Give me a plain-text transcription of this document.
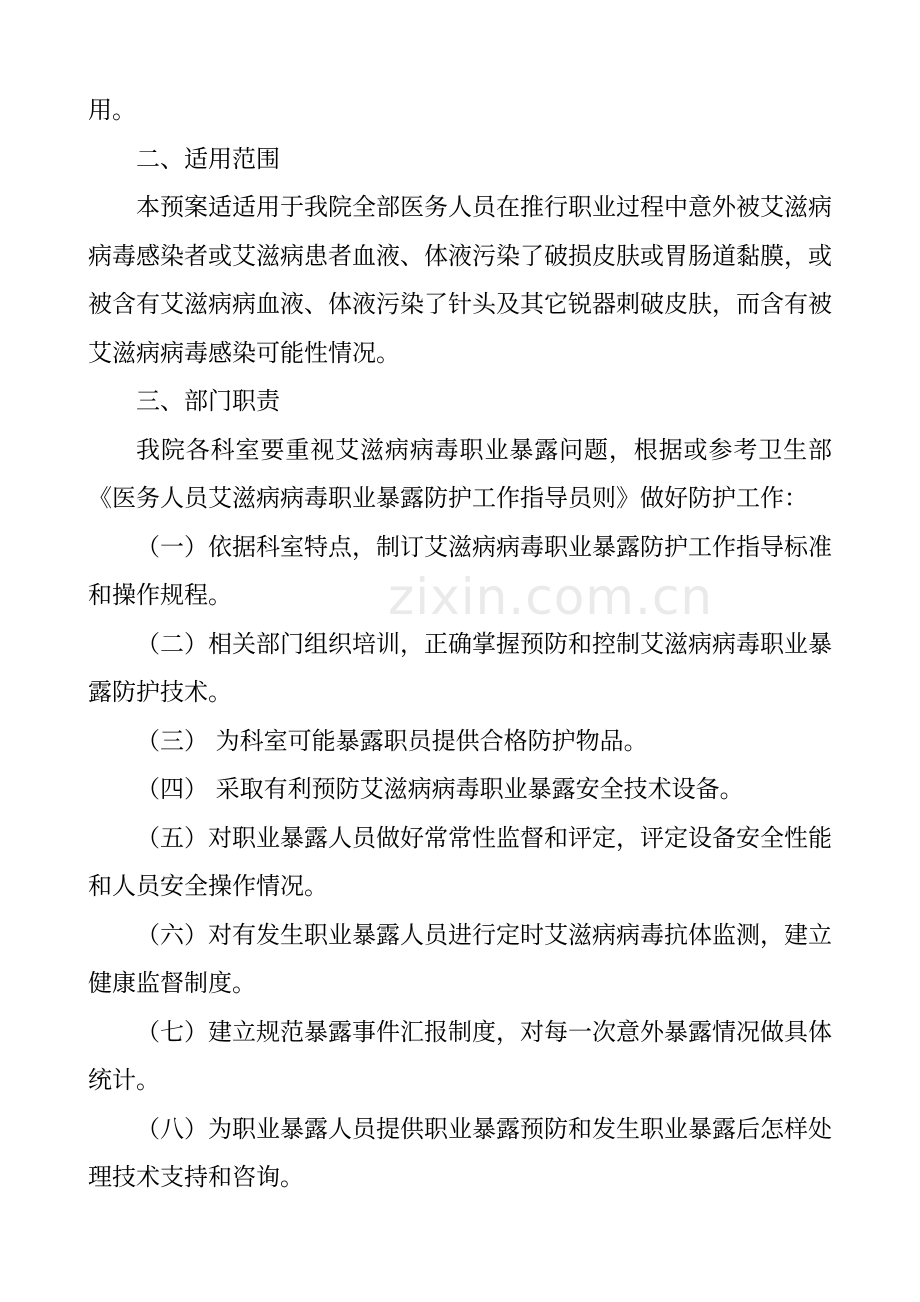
用。

二、适用范围

本预案适适用于我院全部医务人员在推行职业过程中意外被艾滋病病毒感染者或艾滋病患者血液、体液污染了破损皮肤或胃肠道黏膜，或被含有艾滋病病血液、体液污染了针头及其它锐器刺破皮肤，而含有被艾滋病病毒感染可能性情况。

三、部门职责

我院各科室要重视艾滋病病毒职业暴露问题，根据或参考卫生部《医务人员艾滋病病毒职业暴露防护工作指导员则》做好防护工作：

（一）依据科室特点，制订艾滋病病毒职业暴露防护工作指导标准和操作规程。

（二）相关部门组织培训，正确掌握预防和控制艾滋病病毒职业暴露防护技术。

（三） 为科室可能暴露职员提供合格防护物品。

（四） 采取有利预防艾滋病病毒职业暴露安全技术设备。

（五）对职业暴露人员做好常常性监督和评定，评定设备安全性能和人员安全操作情况。

（六）对有发生职业暴露人员进行定时艾滋病病毒抗体监测，建立健康监督制度。

（七）建立规范暴露事件汇报制度，对每一次意外暴露情况做具体统计。

（八）为职业暴露人员提供职业暴露预防和发生职业暴露后怎样处理技术支持和咨询。

zixin.com.cn
